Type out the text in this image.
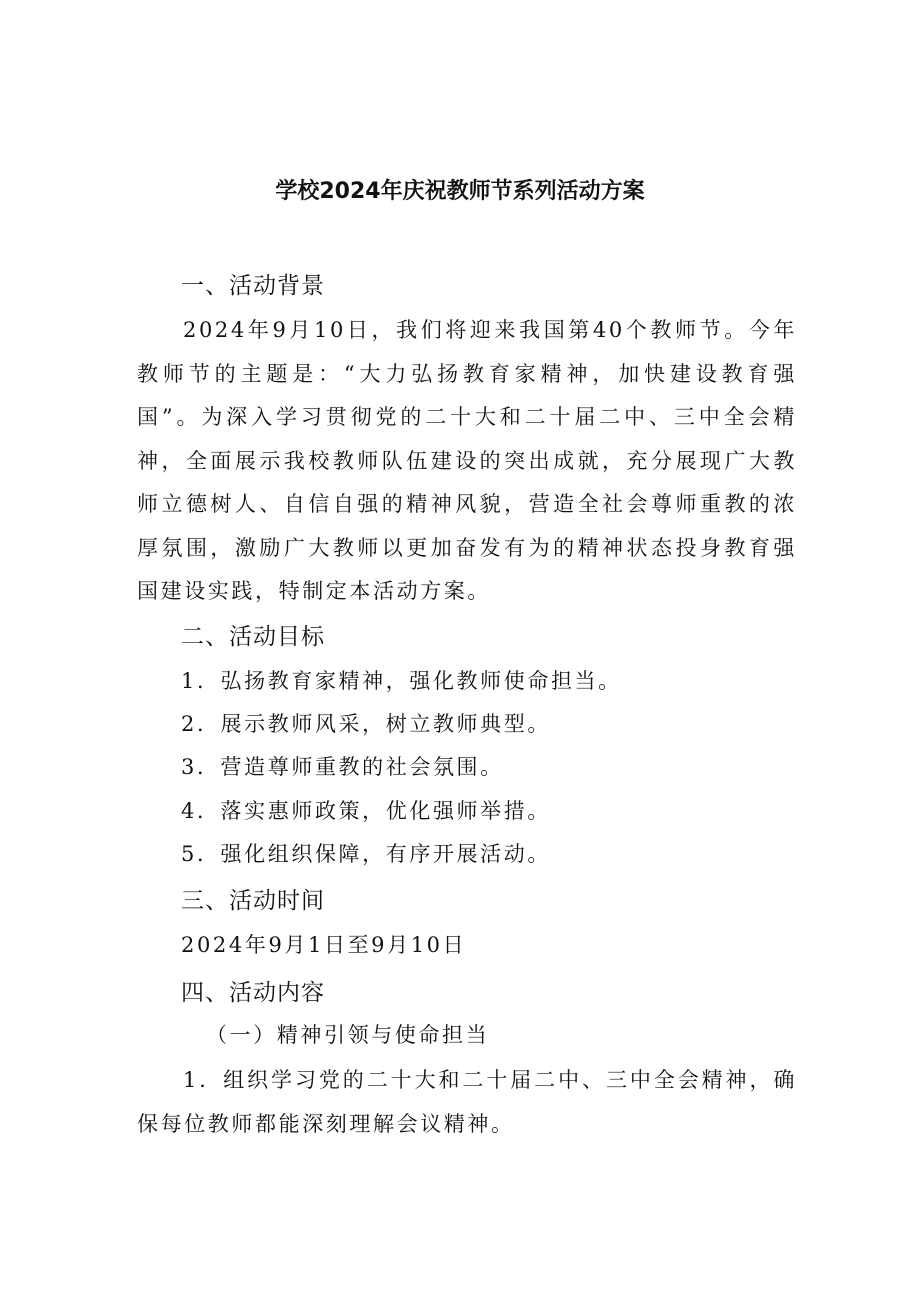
学校2024年庆祝教师节系列活动方案
一、活动背景

2024年9月10日，我们将迎来我国第40个教师节。今年教师节的主题是：“大力弘扬教育家精神，加快建设教育强国”。为深入学习贯彻党的二十大和二十届二中、三中全会精神，全面展示我校教师队伍建设的突出成就，充分展现广大教师立德树人、自信自强的精神风貌，营造全社会尊师重教的浓厚氛围，激励广大教师以更加奋发有为的精神状态投身教育强国建设实践，特制定本活动方案。

二、活动目标
1．弘扬教育家精神，强化教师使命担当。
2．展示教师风采，树立教师典型。
3．营造尊师重教的社会氛围。
4．落实惠师政策，优化强师举措。
5．强化组织保障，有序开展活动。
三、活动时间
2024年9月1日至9月10日
四、活动内容
（一）精神引领与使命担当

1．组织学习党的二十大和二十届二中、三中全会精神，确保每位教师都能深刻理解会议精神。
